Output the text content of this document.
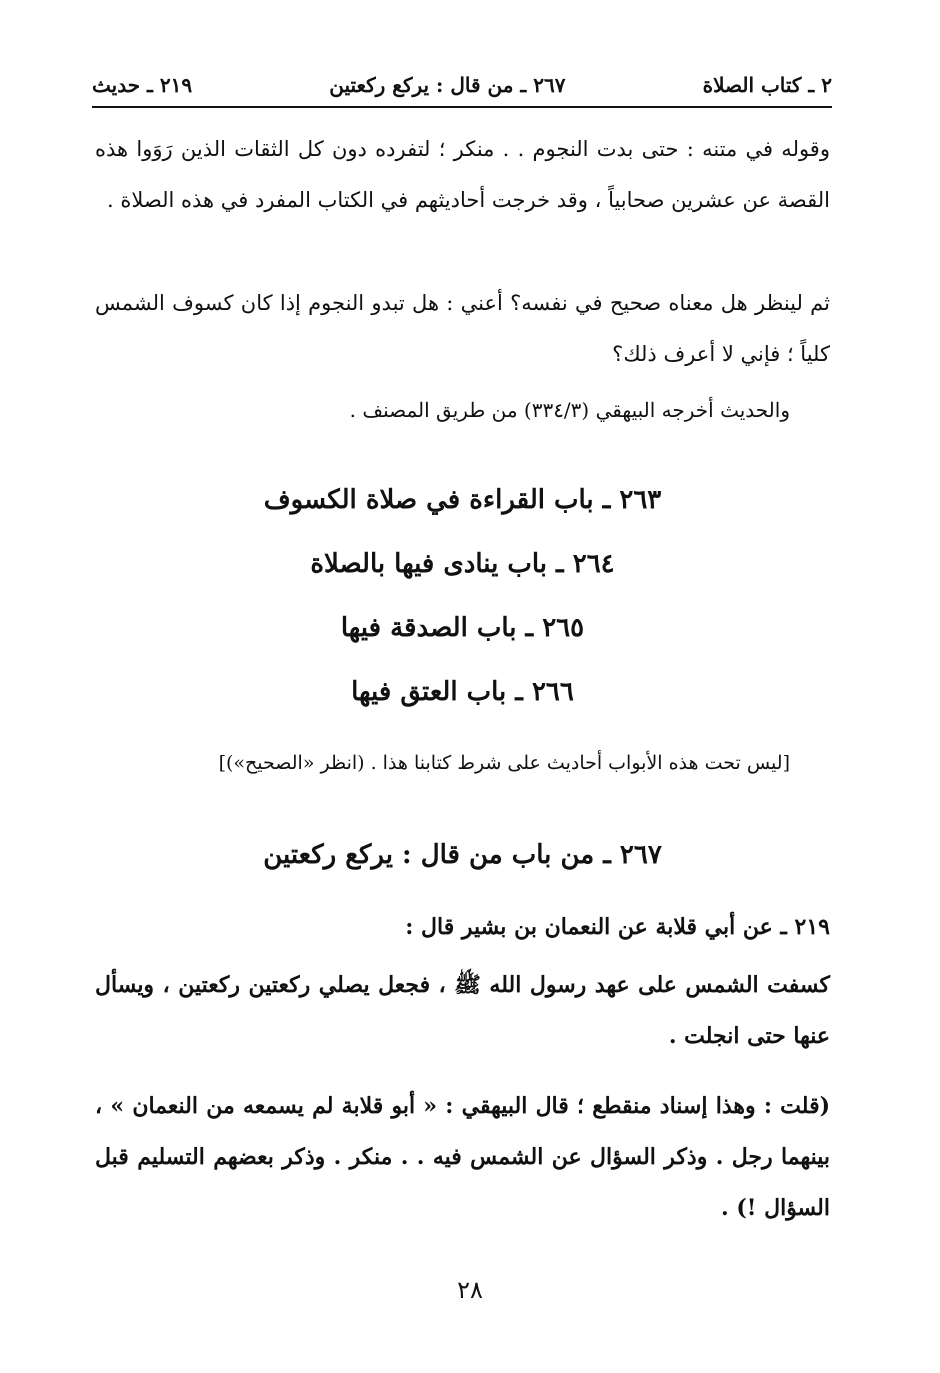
٢ ـ كتاب الصلاة
٢٦٧ ـ من قال : يركع ركعتين
٢١٩ ـ حديث
وقوله في متنه : حتى بدت النجوم . . منكر ؛ لتفرده دون كل الثقات الذين رَوَوا هذه القصة عن عشرين صحابياً ، وقد خرجت أحاديثهم في الكتاب المفرد في هذه الصلاة .
ثم لينظر هل معناه صحيح في نفسه؟ أعني : هل تبدو النجوم إذا كان كسوف الشمس كلياً ؛ فإني لا أعرف ذلك؟
والحديث أخرجه البيهقي (٣٣٤/٣) من طريق المصنف .
٢٦٣ ـ باب القراءة في صلاة الكسوف
٢٦٤ ـ باب ينادى فيها بالصلاة
٢٦٥ ـ باب الصدقة فيها
٢٦٦ ـ باب العتق فيها
[ليس تحت هذه الأبواب أحاديث على شرط كتابنا هذا . (انظر «الصحيح»)]
٢٦٧ ـ من باب من قال : يركع ركعتين
٢١٩ ـ عن أبي قلابة عن النعمان بن بشير قال :
كسفت الشمس على عهد رسول الله ﷺ ، فجعل يصلي ركعتين ركعتين ، ويسأل عنها حتى انجلت .
(قلت : وهذا إسناد منقطع ؛ قال البيهقي : « أبو قلابة لم يسمعه من النعمان » ، بينهما رجل . وذكر السؤال عن الشمس فيه . . منكر . وذكر بعضهم التسليم قبل السؤال !) .
٢٨
